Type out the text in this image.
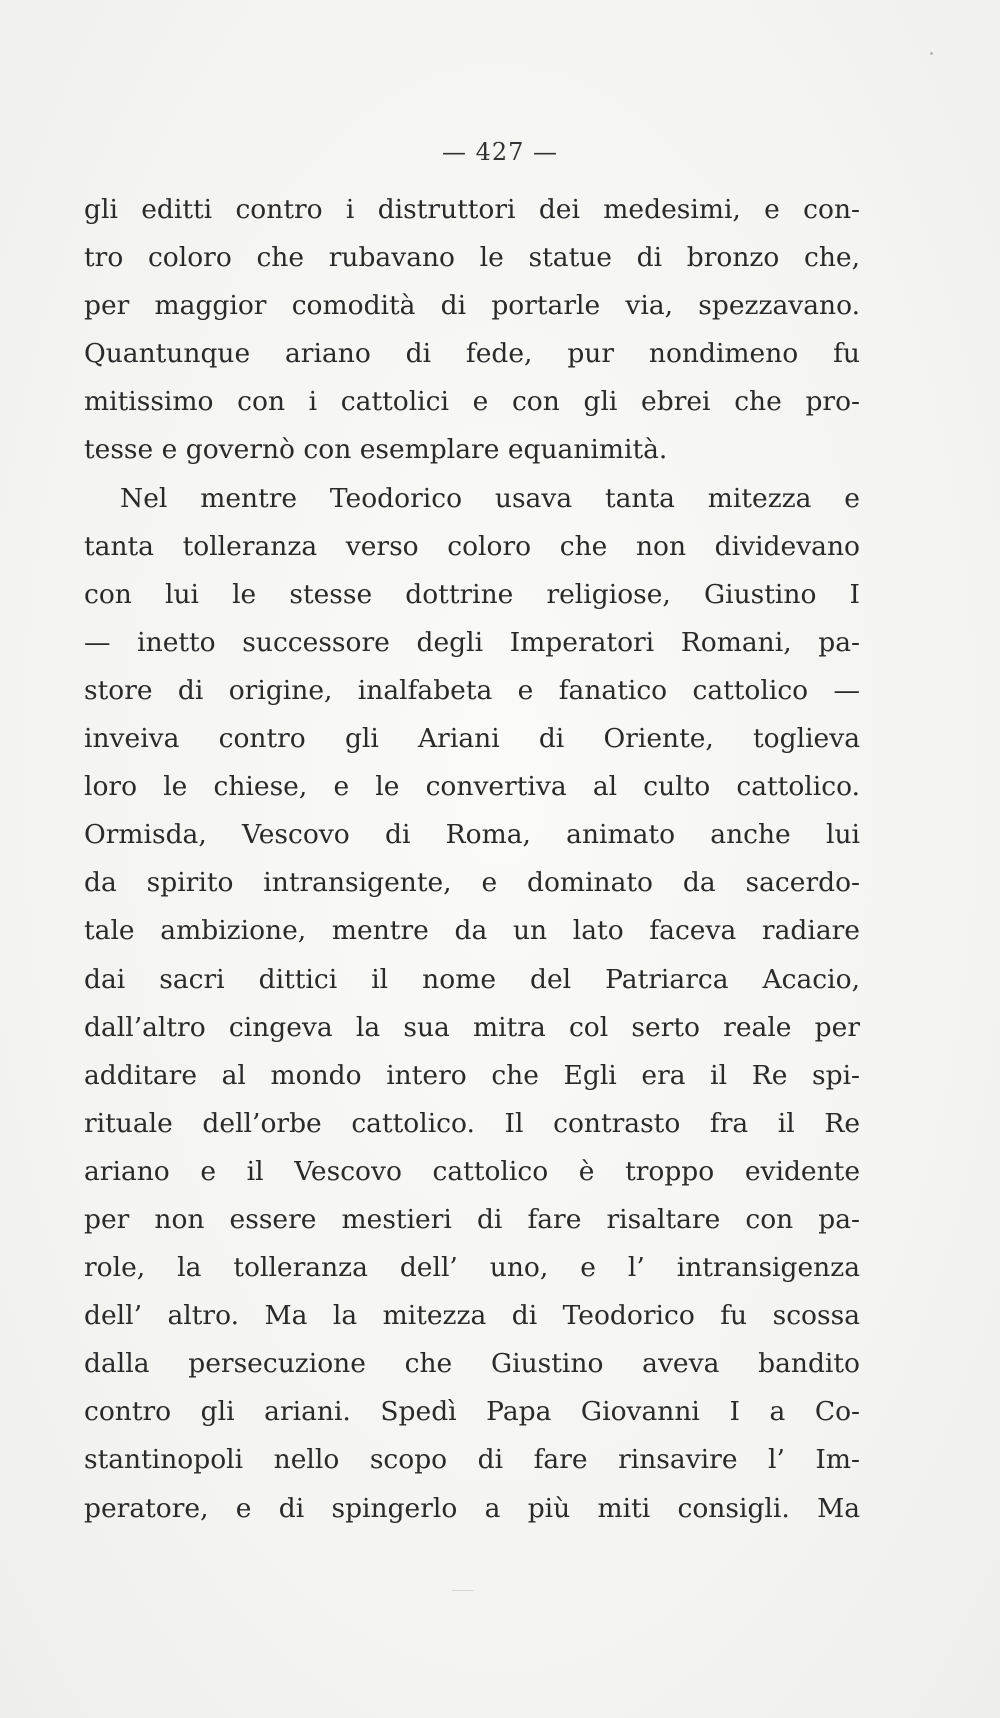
— 427 —
gli editti contro i distruttori dei medesimi, e con-
tro coloro che rubavano le statue di bronzo che,
per maggior comodità di portarle via, spezzavano.
Quantunque ariano di fede, pur nondimeno fu
mitissimo con i cattolici e con gli ebrei che pro-
tesse e governò con esemplare equanimità.
Nel mentre Teodorico usava tanta mitezza e
tanta tolleranza verso coloro che non dividevano
con lui le stesse dottrine religiose, Giustino I
— inetto successore degli Imperatori Romani, pa-
store di origine, inalfabeta e fanatico cattolico —
inveiva contro gli Ariani di Oriente, toglieva
loro le chiese, e le convertiva al culto cattolico.
Ormisda, Vescovo di Roma, animato anche lui
da spirito intransigente, e dominato da sacerdo-
tale ambizione, mentre da un lato faceva radiare
dai sacri dittici il nome del Patriarca Acacio,
dall’altro cingeva la sua mitra col serto reale per
additare al mondo intero che Egli era il Re spi-
rituale dell’orbe cattolico. Il contrasto fra il Re
ariano e il Vescovo cattolico è troppo evidente
per non essere mestieri di fare risaltare con pa-
role, la tolleranza dell’ uno, e l’ intransigenza
dell’ altro. Ma la mitezza di Teodorico fu scossa
dalla persecuzione che Giustino aveva bandito
contro gli ariani. Spedì Papa Giovanni I a Co-
stantinopoli nello scopo di fare rinsavire l’ Im-
peratore, e di spingerlo a più miti consigli. Ma
